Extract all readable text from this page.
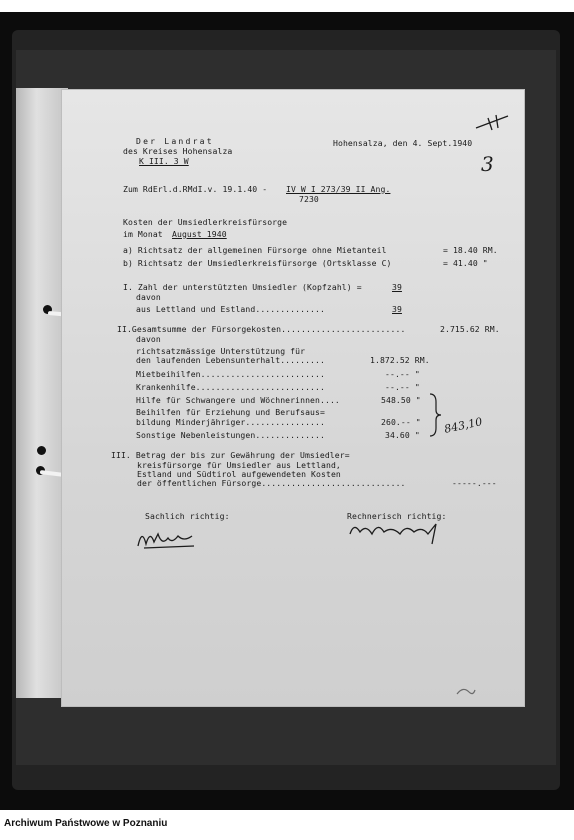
Der Landrat
des Kreises Hohensalza
K III. 3 W
Hohensalza, den 4. Sept.1940
3
Zum RdErl.d.RMdI.v. 19.1.40 - IV W I 273/39 II Ang.
7230
Kosten der Umsiedlerkreisfürsorge
im Monat August 1940
a) Richtsatz der allgemeinen Fürsorge ohne Mietanteil	= 18.40 RM.
b) Richtsatz der Umsiedlerkreisfürsorge (Ortsklasse C)	= 41.40 "
I. Zahl der unterstützten Umsiedler (Kopfzahl) =	39
davon
aus Lettland und Estland..............	39
II.Gesamtsumme der Fürsorgekosten.........................	2.715.62 RM.
davon
richtsatzmässige Unterstützung für
den laufenden Lebensunterhalt.........	1.872.52 RM.
Mietbeihilfen.........................	--.-- "
Krankenhilfe..........................	--.-- "
Hilfe für Schwangere und Wöchnerinnen....	548.50 "
Beihilfen für Erziehung und Berufsaus=
bildung Minderjähriger................	260.-- "
Sonstige Nebenleistungen..............	34.60 " 843,10
III. Betrag der bis zur Gewährung der Umsiedler=
kreisfürsorge für Umsiedler aus Lettland,
Estland und Südtirol aufgewendeten Kosten
der öffentlichen Fürsorge.............................	-----.---
Sachlich richtig:	Rechnerisch richtig:
Archiwum Państwowe w Poznaniu
